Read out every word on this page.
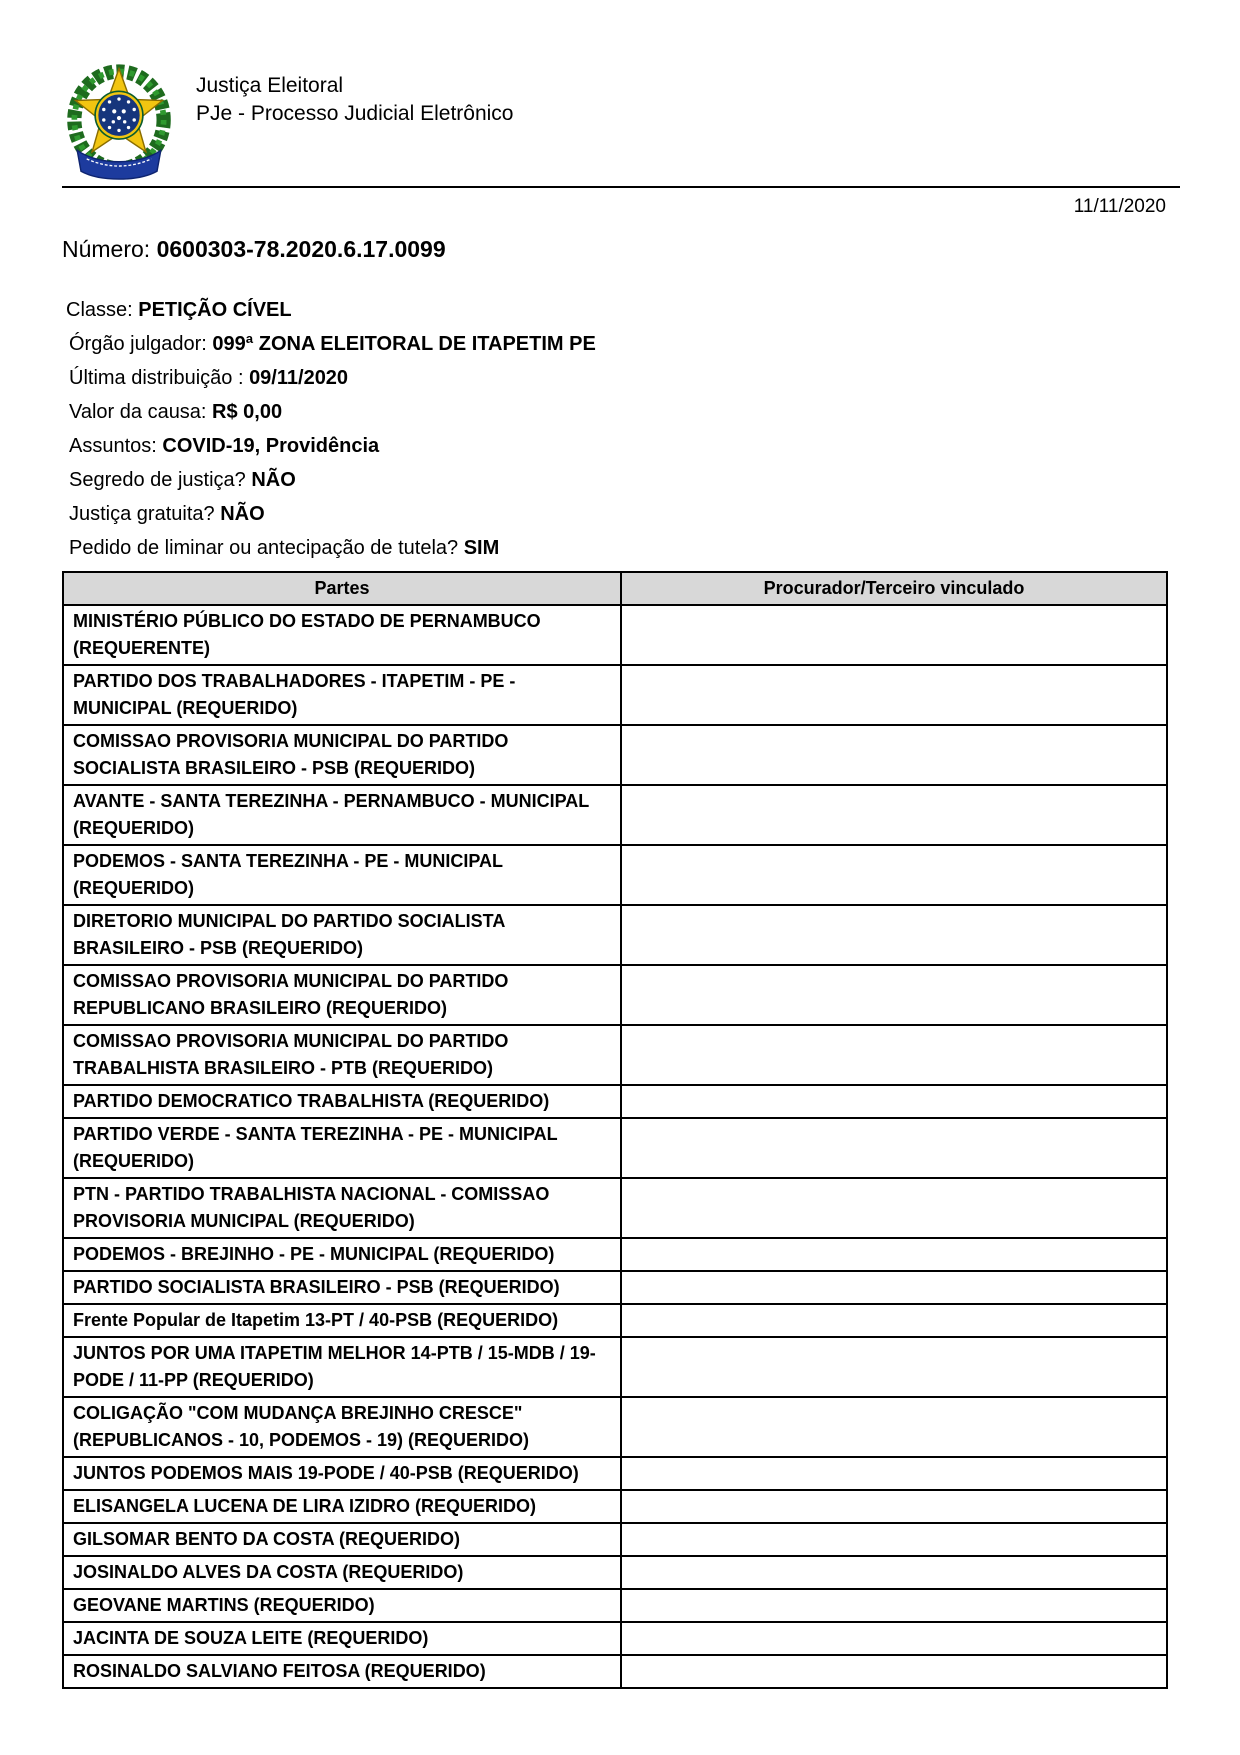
Justiça Eleitoral
PJe - Processo Judicial Eletrônico
11/11/2020
Número: 0600303-78.2020.6.17.0099
Classe: PETIÇÃO CÍVEL
Órgão julgador: 099ª ZONA ELEITORAL DE ITAPETIM PE
Última distribuição : 09/11/2020
Valor da causa: R$ 0,00
Assuntos: COVID-19, Providência
Segredo de justiça? NÃO
Justiça gratuita? NÃO
Pedido de liminar ou antecipação de tutela? SIM
Partes	Procurador/Terceiro vinculado
MINISTÉRIO PÚBLICO DO ESTADO DE PERNAMBUCO (REQUERENTE)	
PARTIDO DOS TRABALHADORES - ITAPETIM - PE - MUNICIPAL (REQUERIDO)	
COMISSAO PROVISORIA MUNICIPAL DO PARTIDO SOCIALISTA BRASILEIRO - PSB (REQUERIDO)	
AVANTE - SANTA TEREZINHA - PERNAMBUCO - MUNICIPAL (REQUERIDO)	
PODEMOS - SANTA TEREZINHA - PE - MUNICIPAL (REQUERIDO)	
DIRETORIO MUNICIPAL DO PARTIDO SOCIALISTA BRASILEIRO - PSB (REQUERIDO)	
COMISSAO PROVISORIA MUNICIPAL DO PARTIDO REPUBLICANO BRASILEIRO (REQUERIDO)	
COMISSAO PROVISORIA MUNICIPAL DO PARTIDO TRABALHISTA BRASILEIRO - PTB (REQUERIDO)	
PARTIDO DEMOCRATICO TRABALHISTA (REQUERIDO)	
PARTIDO VERDE - SANTA TEREZINHA - PE - MUNICIPAL (REQUERIDO)	
PTN - PARTIDO TRABALHISTA NACIONAL - COMISSAO PROVISORIA MUNICIPAL (REQUERIDO)	
PODEMOS - BREJINHO - PE - MUNICIPAL (REQUERIDO)	
PARTIDO SOCIALISTA BRASILEIRO - PSB (REQUERIDO)	
Frente Popular de Itapetim 13-PT / 40-PSB (REQUERIDO)	
JUNTOS POR UMA ITAPETIM MELHOR 14-PTB / 15-MDB / 19-PODE / 11-PP (REQUERIDO)	
COLIGAÇÃO "COM MUDANÇA BREJINHO CRESCE" (REPUBLICANOS - 10, PODEMOS - 19) (REQUERIDO)	
JUNTOS PODEMOS MAIS 19-PODE / 40-PSB (REQUERIDO)	
ELISANGELA LUCENA DE LIRA IZIDRO (REQUERIDO)	
GILSOMAR BENTO DA COSTA (REQUERIDO)	
JOSINALDO ALVES DA COSTA (REQUERIDO)	
GEOVANE MARTINS (REQUERIDO)	
JACINTA DE SOUZA LEITE (REQUERIDO)	
ROSINALDO SALVIANO FEITOSA (REQUERIDO)	
